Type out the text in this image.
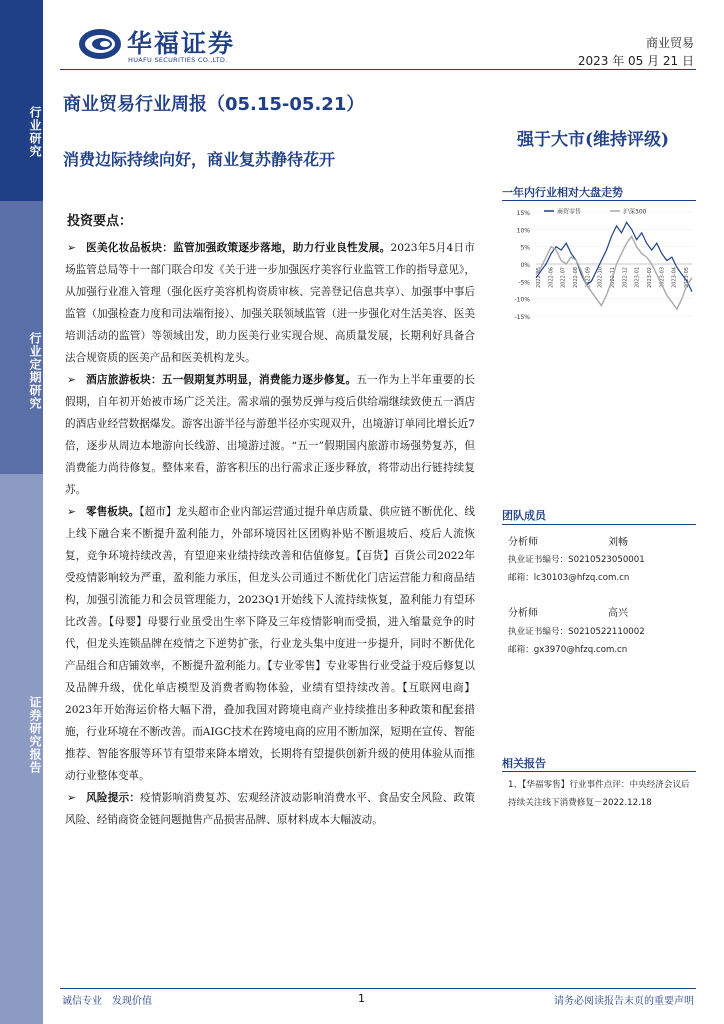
行业研究
行业定期研究
证券研究报告
华福证券
HUAFU SECURITIES CO.,LTD.
商业贸易
2023 年 05 月 21 日
商业贸易行业周报（05.15-05.21）
强于大市(维持评级)
消费边际持续向好，商业复苏静待花开
投资要点：

➢ 医美化妆品板块：监管加强政策逐步落地，助力行业良性发展。2023年5月4日市场监管总局等十一部门联合印发《关于进一步加强医疗美容行业监管工作的指导意见》，从加强行业准入管理（强化医疗美容机构资质审核、完善登记信息共享）、加强事中事后监管（加强检查力度和司法端衔接）、加强关联领域监管（进一步强化对生活美容、医美培训活动的监管）等领域出发，助力医美行业实现合规、高质量发展，长期利好具备合法合规资质的医美产品和医美机构龙头。

➢ 酒店旅游板块：五一假期复苏明显，消费能力逐步修复。五一作为上半年重要的长假期，自年初开始被市场广泛关注。需求端的强势反弹与疫后供给端继续致使五一酒店的酒店业经营数据爆发。游客出游半径与游憩半径亦实现双升，出境游订单同比增长近7倍，逐步从周边本地游向长线游、出境游过渡。“五一”假期国内旅游市场强势复苏，但消费能力尚待修复。整体来看，游客积压的出行需求正逐步释放，将带动出行链持续复苏。

➢ 零售板块。【超市】龙头超市企业内部运营通过提升单店质量、供应链不断优化、线上线下融合来不断提升盈利能力，外部环境因社区团购补贴不断退坡后、疫后人流恢复，竞争环境持续改善，有望迎来业绩持续改善和估值修复。【百货】百货公司2022年受疫情影响较为严重，盈利能力承压，但龙头公司通过不断优化门店运营能力和商品结构，加强引流能力和会员管理能力，2023Q1开始线下人流持续恢复，盈利能力有望环比改善。【母婴】母婴行业虽受出生率下降及三年疫情影响而受损，进入缩量竞争的时代，但龙头连锁品牌在疫情之下逆势扩张，行业龙头集中度进一步提升，同时不断优化产品组合和店铺效率，不断提升盈利能力。【专业零售】专业零售行业受益于疫后修复以及品牌升级，优化单店模型及消费者购物体验，业绩有望持续改善。【互联网电商】2023年开始海运价格大幅下滑，叠加我国对跨境电商产业持续推出多种政策和配套措施，行业环境在不断改善。而AIGC技术在跨境电商的应用不断加深，短期在宣传、智能推荐、智能客服等环节有望带来降本增效，长期将有望提供创新升级的使用体验从而推动行业整体变革。

➢ 风险提示：疫情影响消费复苏、宏观经济波动影响消费水平、食品安全风险、政策风险、经销商资金链问题抛售产品损害品牌、原材料成本大幅波动。

一年内行业相对大盘走势
15%
10%
5%
0%
-5%
-10%
-15%
2022-05 2022-06 2022-07 2022-08 2022-09 2022-10 2022-11 2022-12 2023-01 2023-02 2023-03 2023-04 2023-05
商贸零售	沪深300
团队成员
分析师	刘畅
执业证书编号：S0210523050001
邮箱：lc30103@hfzq.com.cn
分析师	高兴
执业证书编号：S0210522110002
邮箱：gx3970@hfzq.com.cn
相关报告
1、【华福零售】行业事件点评：中央经济会议后持续关注线下消费修复－2022.12.18
诚信专业　发现价值	1	请务必阅读报告末页的重要声明
